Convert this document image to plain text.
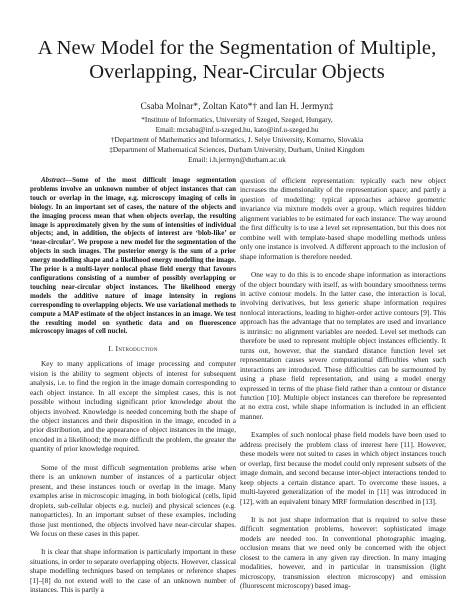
A New Model for the Segmentation of Multiple,
Overlapping, Near-Circular Objects
Csaba Molnar*, Zoltan Kato*† and Ian H. Jermyn‡
*Institute of Informatics, University of Szeged, Szeged, Hungary,
Email: mcsaba@inf.u-szeged.hu, kato@inf.u-szeged.hu
†Department of Mathematics and Informatics, J. Selye University, Komarno, Slovakia
‡Department of Mathematical Sciences, Durham University, Durham, United Kingdom
Email: i.h.jermyn@durham.ac.uk

Abstract—Some of the most difficult image segmentation problems involve an unknown number of object instances that can touch or overlap in the image, e.g. microscopy imaging of cells in biology. In an important set of cases, the nature of the objects and the imaging process mean that when objects overlap, the resulting image is approximately given by the sum of intensities of individual objects; and, in addition, the objects of interest are ‘blob-like’ or ‘near-circular’. We propose a new model for the segmentation of the objects in such images. The posterior energy is the sum of a prior energy modelling shape and a likelihood energy modelling the image. The prior is a multi-layer nonlocal phase field energy that favours configurations consisting of a number of possibly overlapping or touching near-circular object instances. The likelihood energy models the additive nature of image intensity in regions corresponding to overlapping objects. We use variational methods to compute a MAP estimate of the object instances in an image. We test the resulting model on synthetic data and on fluorescence microscopy images of cell nuclei.

I. Introduction

Key to many applications of image processing and computer vision is the ability to segment objects of interest for subsequent analysis, i.e. to find the region in the image domain corresponding to each object instance. In all except the simplest cases, this is not possible without including significant prior knowledge about the objects involved. Knowledge is needed concerning both the shape of the object instances and their disposition in the image, encoded in a prior distribution, and the appearance of object instances in the image, encoded in a likelihood; the more difficult the problem, the greater the quantity of prior knowledge required.

Some of the most difficult segmentation problems arise when there is an unknown number of instances of a particular object present, and these instances touch or overlap in the image. Many examples arise in microscopic imaging, in both biological (cells, lipid droplets, sub-cellular objects e.g. nuclei) and physical sciences (e.g. nanoparticles). In an important subset of these examples, including those just mentioned, the objects involved have near-circular shapes. We focus on these cases in this paper.

It is clear that shape information is particularly important in these situations, in order to separate overlapping objects. However, classical shape modelling techniques based on templates or reference shapes [1]–[8] do not extend well to the case of an unknown number of instances. This is partly a

question of efficient representation: typically each new object increases the dimensionality of the representation space; and partly a question of modelling: typical approaches achieve geometric invariance via mixture models over a group, which requires hidden alignment variables to be estimated for each instance. The way around the first difficulty is to use a level set representation, but this does not combine well with template-based shape modelling methods unless only one instance is involved. A different approach to the inclusion of shape information is therefore needed.

One way to do this is to encode shape information as interactions of the object boundary with itself, as with boundary smoothness terms in active contour models. In the latter case, the interaction is local, involving derivatives, but less generic shape information requires nonlocal interactions, leading to higher-order active contours [9]. This approach has the advantage that no templates are used and invariance is intrinsic: no alignment variables are needed. Level set methods can therefore be used to represent multiple object instances efficiently. It turns out, however, that the standard distance function level set representation causes severe computational difficulties when such interactions are introduced. These difficulties can be surmounted by using a phase field representation, and using a model energy expressed in terms of the phase field rather than a contour or distance function [10]. Multiple object instances can therefore be represented at no extra cost, while shape information is included in an efficient manner.

Examples of such nonlocal phase field models have been used to address precisely the problem class of interest here [11]. However, these models were not suited to cases in which object instances touch or overlap, first because the model could only represent subsets of the image domain, and second because inter-object interactions tended to keep objects a certain distance apart. To overcome these issues, a multi-layered generalization of the model in [11] was introduced in [12], with an equivalent binary MRF formulation described in [13].

It is not just shape information that is required to solve these difficult segmentation problems, however: sophisticated image models are needed too. In conventional photographic imaging, occlusion means that we need only be concerned with the object closest to the camera in any given ray direction. In many imaging modalities, however, and in particular in transmission (light microscopy, transmission electron microscopy) and emission (fluorescent microscopy) based imag-
